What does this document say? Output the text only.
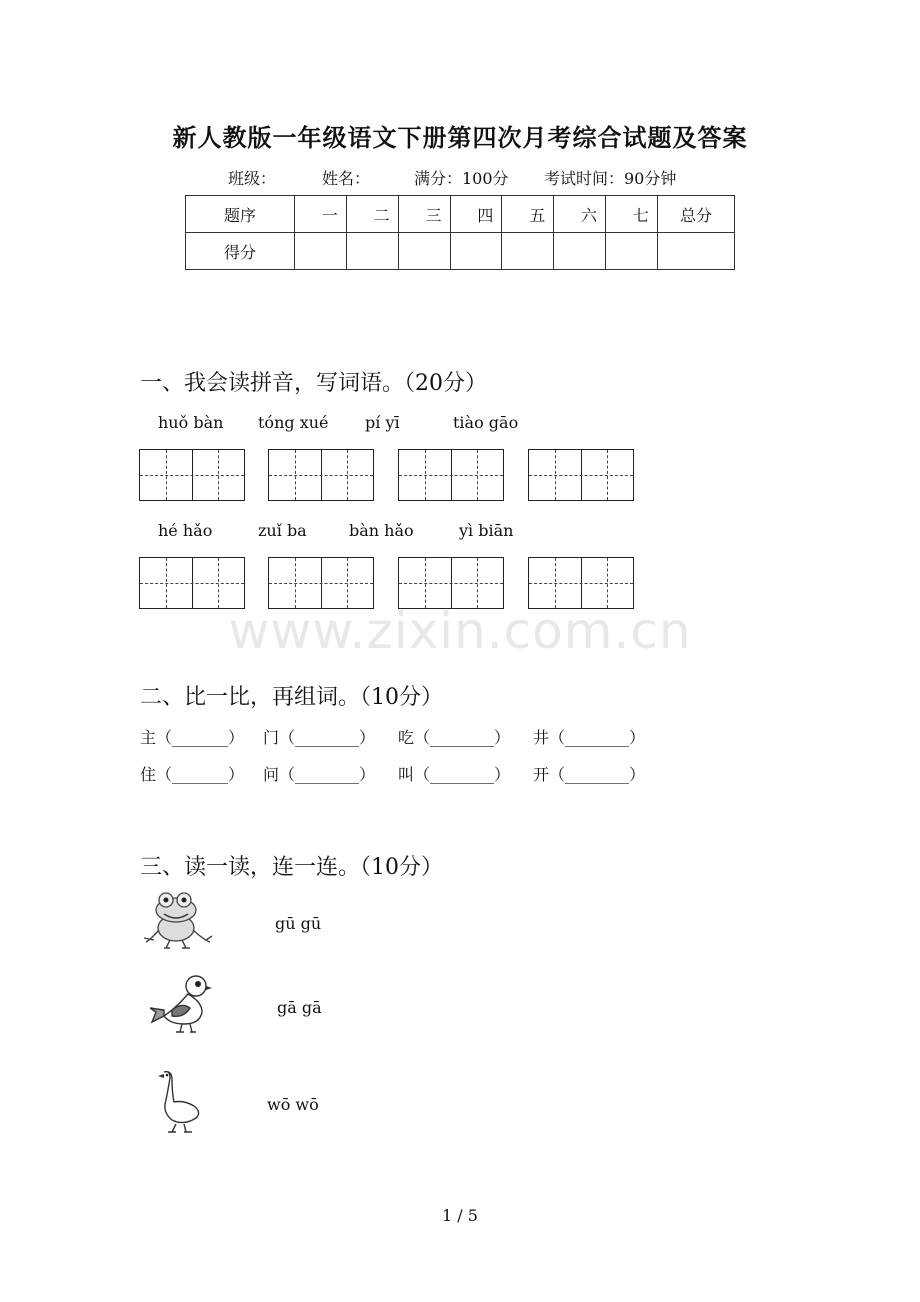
新人教版一年级语文下册第四次月考综合试题及答案
班级：	姓名：	满分：100分 考试时间：90分钟
题序	一	二	三	四	五	六	七	总分
得分								
一、我会读拼音，写词语。（20分）
huǒ bàn tóng xué pí yī	tiào gāo
hé hǎo	zuǐ ba	bàn hǎo	yì biān
www.zixin.com.cn
二、比一比，再组词。（10分）
主（_______） 门（________） 吃（________） 井（________）
住（_______） 问（________） 叫（________） 开（________）
三、读一读，连一连。（10分）
gū gū
gā gā
wō wō
1 / 5
